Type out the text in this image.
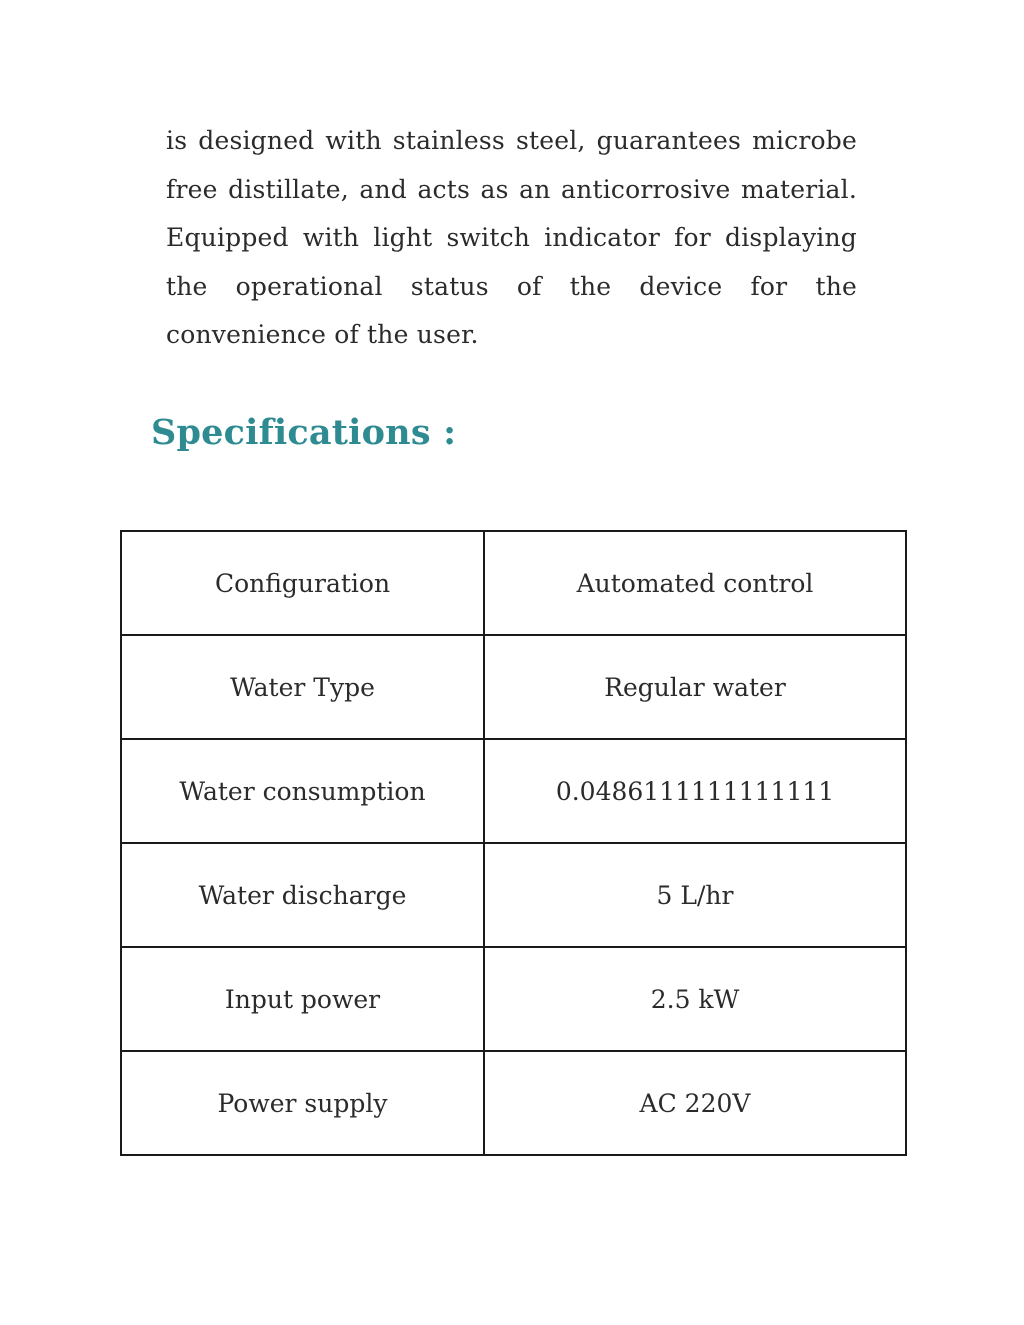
is designed with stainless steel, guarantees microbe free distillate, and acts as an anticorrosive material. Equipped with light switch indicator for displaying the operational status of the device for the convenience of the user.

Specifications :
Configuration	Automated control
Water Type	Regular water
Water consumption	0.0486111111111111
Water discharge	5 L/hr
Input power	2.5 kW
Power supply	AC 220V
